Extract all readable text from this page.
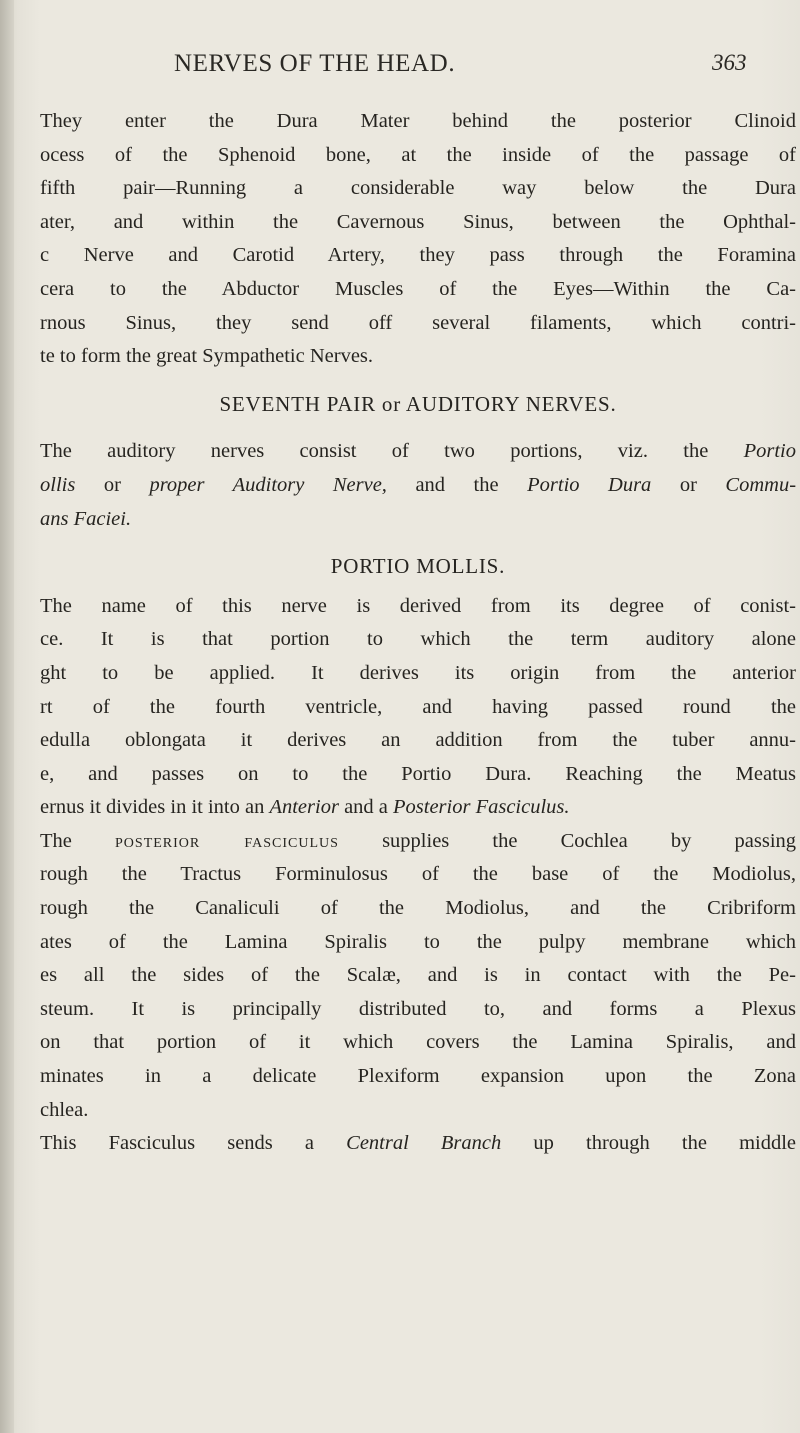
NERVES OF THE HEAD.	363
They enter the Dura Mater behind the posterior Clinoid
ocess of the Sphenoid bone, at the inside of the passage of
fifth pair—Running a considerable way below the Dura
ater, and within the Cavernous Sinus, between the Ophthal-
c Nerve and Carotid Artery, they pass through the Foramina
cera to the Abductor Muscles of the Eyes—Within the Ca-
rnous Sinus, they send off several filaments, which contri-
te to form the great Sympathetic Nerves.
SEVENTH PAIR or AUDITORY NERVES.
The auditory nerves consist of two portions, viz. the Portio
ollis or proper Auditory Nerve, and the Portio Dura or Commu-
ans Faciei.
PORTIO MOLLIS.
The name of this nerve is derived from its degree of conist-
ce. It is that portion to which the term auditory alone
ght to be applied. It derives its origin from the anterior
rt of the fourth ventricle, and having passed round the
edulla oblongata it derives an addition from the tuber annu-
e, and passes on to the Portio Dura. Reaching the Meatus
ernus it divides in it into an Anterior and a Posterior Fasciculus.
The posterior fasciculus supplies the Cochlea by passing
rough the Tractus Forminulosus of the base of the Modiolus,
rough the Canaliculi of the Modiolus, and the Cribriform
ates of the Lamina Spiralis to the pulpy membrane which
es all the sides of the Scalæ, and is in contact with the Pe-
steum. It is principally distributed to, and forms a Plexus
on that portion of it which covers the Lamina Spiralis, and
minates in a delicate Plexiform expansion upon the Zona
chlea.
This Fasciculus sends a Central Branch up through the middle
